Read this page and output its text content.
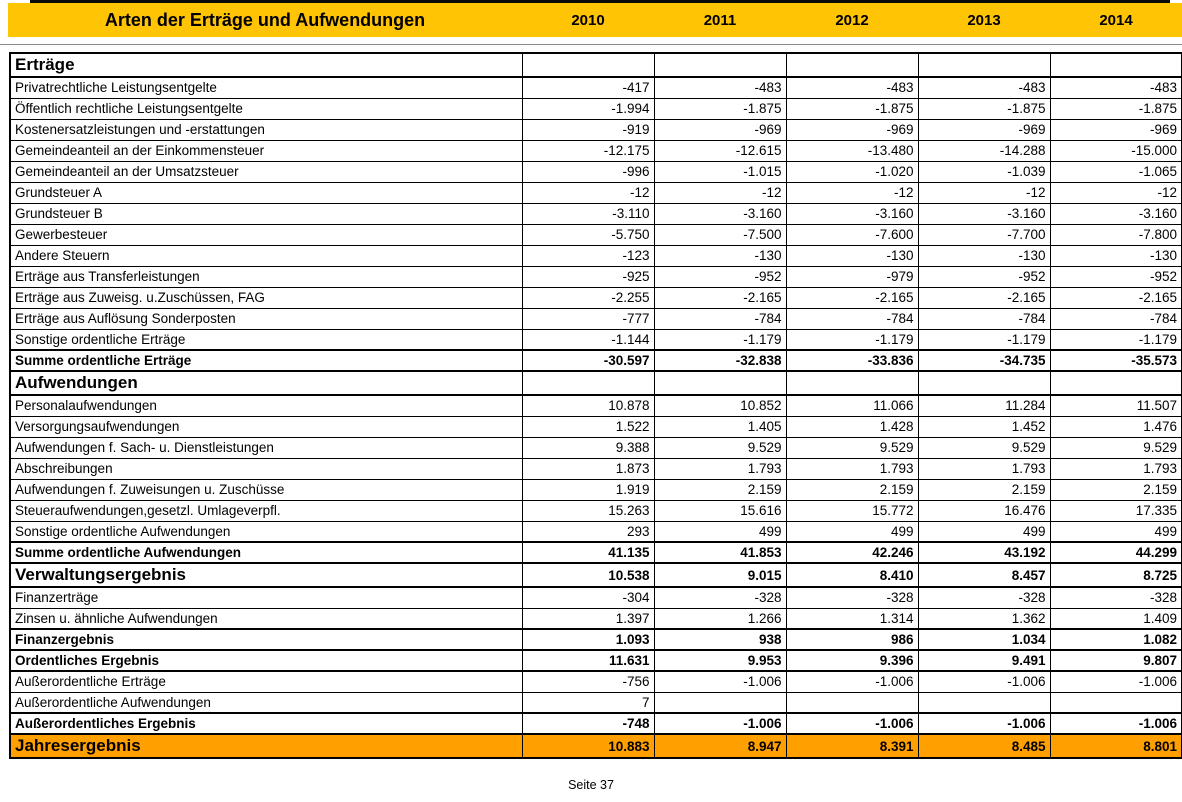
Arten der Erträge und Aufwendungen	2010	2011	2012	2013	2014
Erträge					
Privatrechtliche Leistungsentgelte	-417	-483	-483	-483	-483
Öffentlich rechtliche Leistungsentgelte	-1.994	-1.875	-1.875	-1.875	-1.875
Kostenersatzleistungen und -erstattungen	-919	-969	-969	-969	-969
Gemeindeanteil an der Einkommensteuer	-12.175	-12.615	-13.480	-14.288	-15.000
Gemeindeanteil an der Umsatzsteuer	-996	-1.015	-1.020	-1.039	-1.065
Grundsteuer A	-12	-12	-12	-12	-12
Grundsteuer B	-3.110	-3.160	-3.160	-3.160	-3.160
Gewerbesteuer	-5.750	-7.500	-7.600	-7.700	-7.800
Andere Steuern	-123	-130	-130	-130	-130
Erträge aus Transferleistungen	-925	-952	-979	-952	-952
Erträge aus Zuweisg. u.Zuschüssen, FAG	-2.255	-2.165	-2.165	-2.165	-2.165
Erträge aus Auflösung Sonderposten	-777	-784	-784	-784	-784
Sonstige ordentliche Erträge	-1.144	-1.179	-1.179	-1.179	-1.179
Summe ordentliche Erträge	-30.597	-32.838	-33.836	-34.735	-35.573
Aufwendungen					
Personalaufwendungen	10.878	10.852	11.066	11.284	11.507
Versorgungsaufwendungen	1.522	1.405	1.428	1.452	1.476
Aufwendungen f. Sach- u. Dienstleistungen	9.388	9.529	9.529	9.529	9.529
Abschreibungen	1.873	1.793	1.793	1.793	1.793
Aufwendungen f. Zuweisungen u. Zuschüsse	1.919	2.159	2.159	2.159	2.159
Steueraufwendungen,gesetzl. Umlageverpfl.	15.263	15.616	15.772	16.476	17.335
Sonstige ordentliche Aufwendungen	293	499	499	499	499
Summe ordentliche Aufwendungen	41.135	41.853	42.246	43.192	44.299
Verwaltungsergebnis	10.538	9.015	8.410	8.457	8.725
Finanzerträge	-304	-328	-328	-328	-328
Zinsen u. ähnliche Aufwendungen	1.397	1.266	1.314	1.362	1.409
Finanzergebnis	1.093	938	986	1.034	1.082
Ordentliches Ergebnis	11.631	9.953	9.396	9.491	9.807
Außerordentliche Erträge	-756	-1.006	-1.006	-1.006	-1.006
Außerordentliche Aufwendungen	7				
Außerordentliches Ergebnis	-748	-1.006	-1.006	-1.006	-1.006
Jahresergebnis	10.883	8.947	8.391	8.485	8.801
Seite 37
